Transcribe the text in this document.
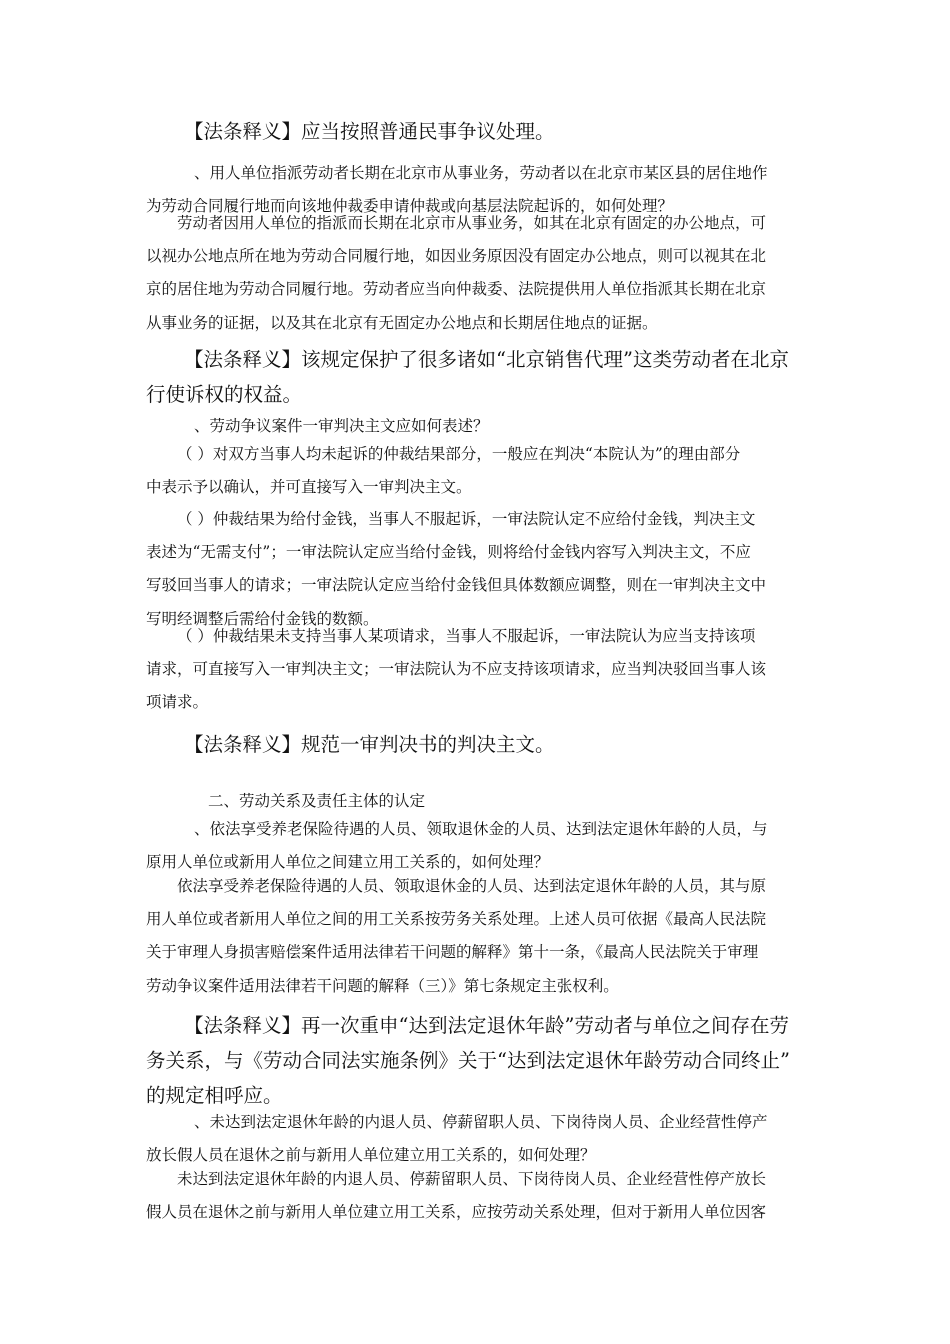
【法条释义】应当按照普通民事争议处理。
、用人单位指派劳动者长期在北京市从事业务，劳动者以在北京市某区县的居住地作
为劳动合同履行地而向该地仲裁委申请仲裁或向基层法院起诉的，如何处理？
劳动者因用人单位的指派而长期在北京市从事业务，如其在北京有固定的办公地点，可
以视办公地点所在地为劳动合同履行地，如因业务原因没有固定办公地点，则可以视其在北
京的居住地为劳动合同履行地。劳动者应当向仲裁委、法院提供用人单位指派其长期在北京
从事业务的证据，以及其在北京有无固定办公地点和长期居住地点的证据。
【法条释义】该规定保护了很多诸如“北京销售代理”这类劳动者在北京
行使诉权的权益。
、劳动争议案件一审判决主文应如何表述？
（ ）对双方当事人均未起诉的仲裁结果部分，一般应在判决“本院认为”的理由部分
中表示予以确认，并可直接写入一审判决主文。
（ ）仲裁结果为给付金钱，当事人不服起诉，一审法院认定不应给付金钱，判决主文
表述为“无需支付”；一审法院认定应当给付金钱，则将给付金钱内容写入判决主文，不应
写驳回当事人的请求；一审法院认定应当给付金钱但具体数额应调整，则在一审判决主文中
写明经调整后需给付金钱的数额。
（ ）仲裁结果未支持当事人某项请求，当事人不服起诉，一审法院认为应当支持该项
请求，可直接写入一审判决主文；一审法院认为不应支持该项请求，应当判决驳回当事人该
项请求。
【法条释义】规范一审判决书的判决主文。
二、劳动关系及责任主体的认定
、依法享受养老保险待遇的人员、领取退休金的人员、达到法定退休年龄的人员，与
原用人单位或新用人单位之间建立用工关系的，如何处理？
依法享受养老保险待遇的人员、领取退休金的人员、达到法定退休年龄的人员，其与原
用人单位或者新用人单位之间的用工关系按劳务关系处理。上述人员可依据《最高人民法院
关于审理人身损害赔偿案件适用法律若干问题的解释》第十一条，《最高人民法院关于审理
劳动争议案件适用法律若干问题的解释（三）》第七条规定主张权利。
【法条释义】再一次重申“达到法定退休年龄”劳动者与单位之间存在劳
务关系，与《劳动合同法实施条例》关于“达到法定退休年龄劳动合同终止”
的规定相呼应。
、未达到法定退休年龄的内退人员、停薪留职人员、下岗待岗人员、企业经营性停产
放长假人员在退休之前与新用人单位建立用工关系的，如何处理？
未达到法定退休年龄的内退人员、停薪留职人员、下岗待岗人员、企业经营性停产放长
假人员在退休之前与新用人单位建立用工关系，应按劳动关系处理，但对于新用人单位因客
